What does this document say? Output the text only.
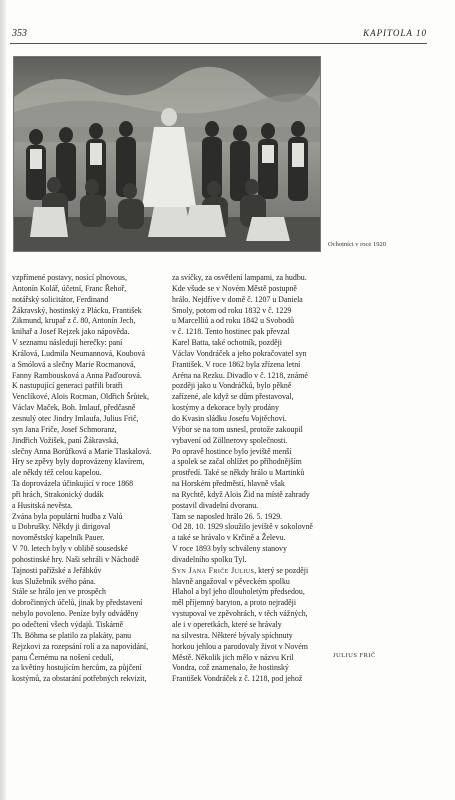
353	KAPITOLA 10
Ochotníci v roce 1920
vzpřímené postavy, nosící plnovous,
Antonín Kolář, účetní, Franc Řehoř,
notářský solicitátor, Ferdinand
Žákravský, hostinský z Plácku, František
Zikmund, krupař z č. 80, Antonín Jech,
knihař a Josef Rejzek jako nápověda.
V seznamu následují herečky: paní
Králová, Ludmila Neumannová, Koubová
a Smólová a slečny Marie Rocmanová,
Fanny Rambousková a Anna Paďourová.
K nastupující generaci patřili bratři
Venclíkové, Alois Rocman, Oldřich Šrůtek,
Václav Maček, Boh. Imlauf, předčasně
zesnulý otec Jindry Imlaufa, Julius Frič,
syn Jana Friče, Josef Schmoranz,
Jindřich Vožišek, paní Žákravská,
slečny Anna Borůfková a Marie Tlaskalová.
Hry se zpěvy byly doprovázeny klavírem,
ale někdy též celou kapelou.
Ta doprovázela účinkující v roce 1868
při hrách, Strakonický dudák
a Husitská nevěsta.
Zvána byla populární hudba z Valů
u Dobrušky. Někdy ji dirigoval
novoměstský kapelník Pauer.
V 70. letech byly v oblibě sousedské
pohostinské hry. Naši sehráli v Náchodě
Tajnosti pařížské a Jeřábkův
kus Služebník svého pána.
Stále se hrálo jen ve prospěch
dobročinných účelů, jinak by představení
nebylo povoleno. Peníze byly odváděny
po odečtení všech výdajů. Tiskárně
Th. Böhma se platilo za plakáty, panu
Rejzkovi za rozepsání rolí a za napovídání,
panu Černému na nošení cedulí,
za květiny hostujícím hercům, za půjčení
kostýmů, za obstarání potřebných rekvizit,
za svíčky, za osvětlení lampami, za hudbu.
Kde všude se v Novém Městě postupně
hrálo. Nejdříve v domě č. 1207 u Daniela
Smoly, potom od roku 1832 v č. 1229
u Marcelliů a od roku 1842 u Svobodů
v č. 1218. Tento hostinec pak převzal
Karel Batta, také ochotník, později
Václav Vondráček a jeho pokračovatel syn
František. V roce 1862 byla zřízena letní
Aréna na Rezku. Divadlo v č. 1218, známé
později jako u Vondráčků, bylo pěkně
zařízené, ale když se dům přestavoval,
kostýmy a dekorace byly prodány
do Kvasin sládku Josefu Vojtěchovi.
Výbor se na tom usnesl, protože zakoupil
vybavení od Zöllnerovy společnosti.
Po opravě hostince bylo jeviště menší
a spolek se začal ohlížet po příhodnějším
prostředí. Také se někdy hrálo u Martinků
na Horském předměstí, hlavně však
na Rychtě, když Alois Žid na místě zahrady
postavil divadelní dvoranu.
Tam se naposled hrálo 26. 5. 1929.
Od 28. 10. 1929 sloužilo jeviště v sokolovně
a také se hrávalo v Krčině a Želevu.
V roce 1893 byly schváleny stanovy
divadelního spolku Tyl.
Syn Jana Friče Julius, který se později
hlavně angažoval v pěveckém spolku
Hlahol a byl jeho dlouholetým předsedou,
měl příjemný baryton, a proto nejraději
vystupoval ve zpěvohrách, v těch vážných,
ale i v operetkách, které se hrávaly
na silvestra. Některé bývaly spíchnuty
horkou jehlou a parodovaly život v Novém
Městě. Několik jich mělo v názvu Kril
Vondra, což znamenalo, že hostinský
František Vondráček z č. 1218, pod jehož
JULIUS FRIČ
